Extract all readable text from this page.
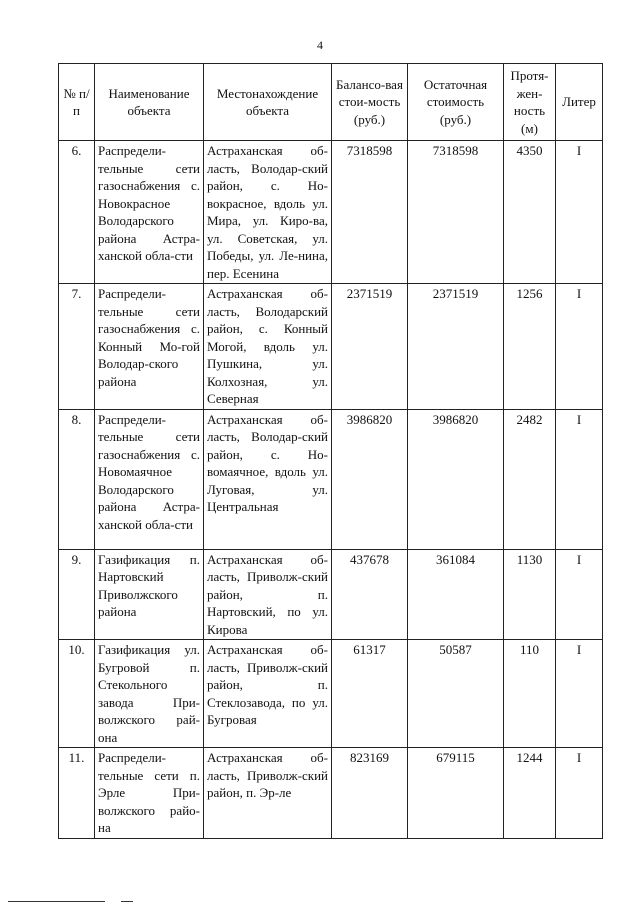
4
№ п/п	Наименование объекта	Местонахождение объекта	Балансо-вая стои-мость (руб.)	Остаточная стоимость (руб.)	Протя-жен-ность (м)	Литер
6.	Распредели-тельные сети газоснабжения с. Новокрасное Володарского района Астра-ханской обла-сти	Астраханская об-ласть, Володар-ский район, с. Но-вокрасное, вдоль ул. Мира, ул. Киро-ва, ул. Советская, ул. Победы, ул. Ле-нина, пер. Есенина	7318598	7318598	4350	I
7.	Распредели-тельные сети газоснабжения с. Конный Мо-гой Володар-ского района	Астраханская об-ласть, Володарский район, с. Конный Могой, вдоль ул. Пушкина, ул. Колхозная, ул. Северная	2371519	2371519	1256	I
8.	Распредели-тельные сети газоснабжения с. Новомаячное Володарского района Астра-ханской обла-сти	Астраханская об-ласть, Володар-ский район, с. Но-вомаячное, вдоль ул. Луговая, ул. Центральная	3986820	3986820	2482	I
9.	Газификация п. Нартовский Приволжского района	Астраханская об-ласть, Приволж-ский район, п. Нартовский, по ул. Кирова	437678	361084	1130	I
10.	Газификация ул. Бугровой п. Стекольного завода При-волжского рай-она	Астраханская об-ласть, Приволж-ский район, п. Стеклозавода, по ул. Бугровая	61317	50587	110	I
11.	Распредели-тельные сети п. Эрле При-волжского райо-на	Астраханская об-ласть, Приволж-ский район, п. Эр-ле	823169	679115	1244	I
